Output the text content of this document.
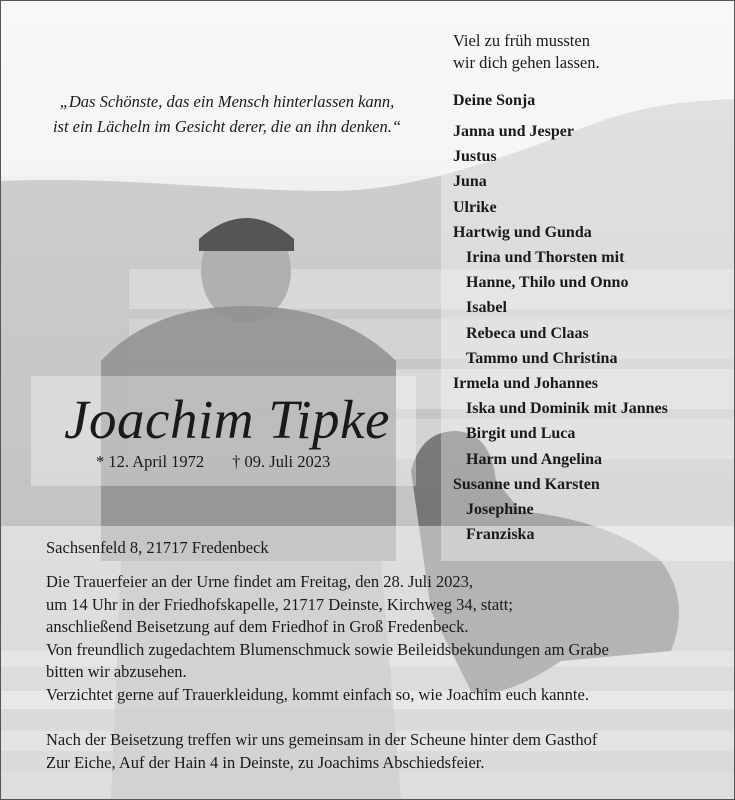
„Das Schönste, das ein Mensch hinterlassen kann,
ist ein Lächeln im Gesicht derer, die an ihn denken.“
Viel zu früh mussten
wir dich gehen lassen.
Deine Sonja
Janna und Jesper
Justus
Juna
Ulrike
Hartwig und Gunda
Irina und Thorsten mit
Hanne, Thilo und Onno
Isabel
Rebeca und Claas
Tammo und Christina
Irmela und Johannes
Iska und Dominik mit Jannes
Birgit und Luca
Harm und Angelina
Susanne und Karsten
Josephine
Franziska
Joachim Tipke
* 12. April 1972 † 09. Juli 2023
Sachsenfeld 8, 21717 Fredenbeck
Die Trauerfeier an der Urne findet am Freitag, den 28. Juli 2023,
um 14 Uhr in der Friedhofskapelle, 21717 Deinste, Kirchweg 34, statt;
anschließend Beisetzung auf dem Friedhof in Groß Fredenbeck.
Von freundlich zugedachtem Blumenschmuck sowie Beileidsbekundungen am Grabe
bitten wir abzusehen.
Verzichtet gerne auf Trauerkleidung, kommt einfach so, wie Joachim euch kannte.
Nach der Beisetzung treffen wir uns gemeinsam in der Scheune hinter dem Gasthof
Zur Eiche, Auf der Hain 4 in Deinste, zu Joachims Abschiedsfeier.
